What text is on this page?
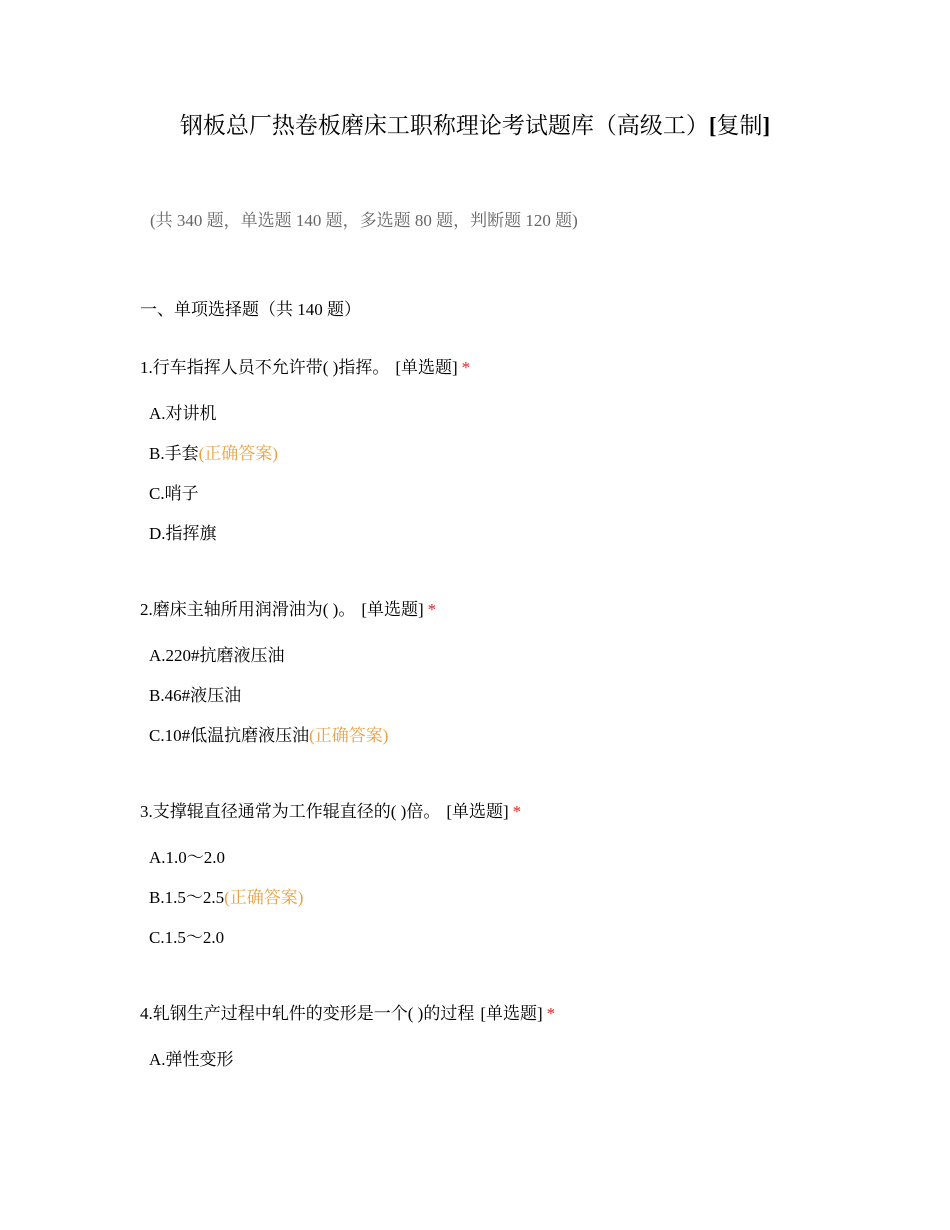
钢板总厂热卷板磨床工职称理论考试题库（高级工）[复制]
(共 340 题，单选题 140 题，多选题 80 题，判断题 120 题)
一、单项选择题（共 140 题）
1.行车指挥人员不允许带( )指挥。 [单选题] *
A.对讲机
B.手套(正确答案)
C.哨子
D.指挥旗
2.磨床主轴所用润滑油为( )。 [单选题] *
A.220#抗磨液压油
B.46#液压油
C.10#低温抗磨液压油(正确答案)
3.支撑辊直径通常为工作辊直径的( )倍。 [单选题] *
A.1.0～2.0
B.1.5～2.5(正确答案)
C.1.5～2.0
4.轧钢生产过程中轧件的变形是一个( )的过程 [单选题] *
A.弹性变形
